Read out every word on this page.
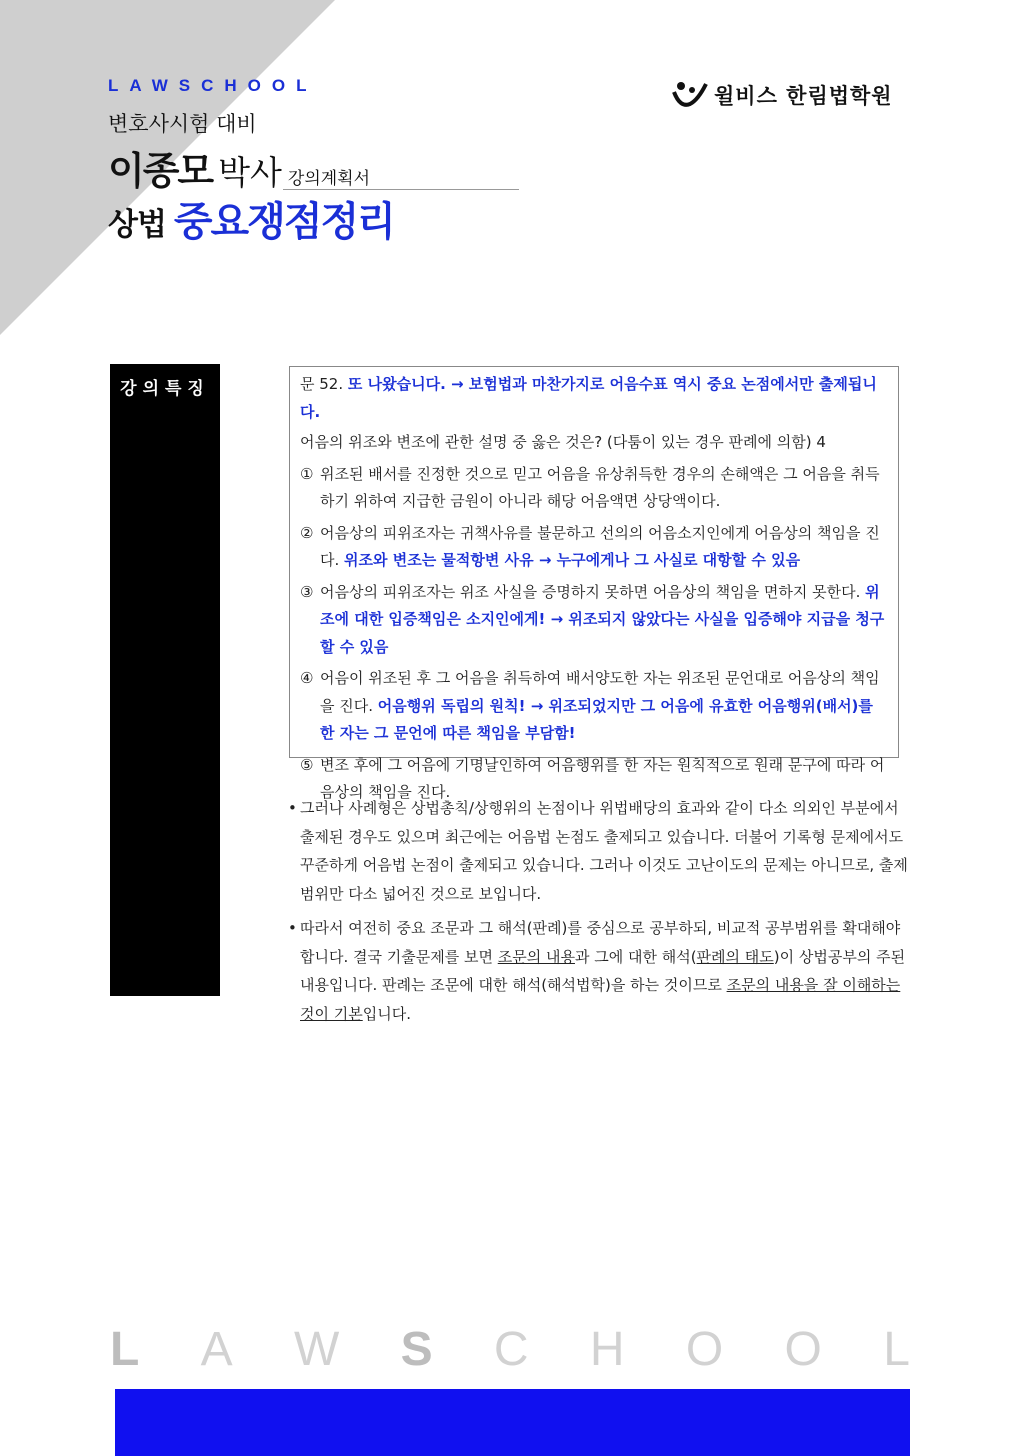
LAWSCHOOL
변호사시험 대비
이종모 박사 강의계획서
상법 중요쟁점정리
윌비스 한림법학원
강의특징	문 52. 또 나왔습니다. → 보험법과 마찬가지로 어음수표 역시 중요 논점에서만 출제됩니다.

어음의 위조와 변조에 관한 설명 중 옳은 것은? (다툼이 있는 경우 판례에 의함) 4

① 위조된 배서를 진정한 것으로 믿고 어음을 유상취득한 경우의 손해액은 그 어음을 취득하기 위하여 지급한 금원이 아니라 해당 어음액면 상당액이다.
② 어음상의 피위조자는 귀책사유를 불문하고 선의의 어음소지인에게 어음상의 책임을 진다. 위조와 변조는 물적항변 사유 → 누구에게나 그 사실로 대항할 수 있음
③ 어음상의 피위조자는 위조 사실을 증명하지 못하면 어음상의 책임을 면하지 못한다. 위조에 대한 입증책임은 소지인에게! → 위조되지 않았다는 사실을 입증해야 지급을 청구할 수 있음
④ 어음이 위조된 후 그 어음을 취득하여 배서양도한 자는 위조된 문언대로 어음상의 책임을 진다. 어음행위 독립의 원칙! → 위조되었지만 그 어음에 유효한 어음행위(배서)를 한 자는 그 문언에 따른 책임을 부담함!
⑤ 변조 후에 그 어음에 기명날인하여 어음행위를 한 자는 원칙적으로 원래 문구에 따라 어음상의 책임을 진다.
• 그러나 사례형은 상법총칙/상행위의 논점이나 위법배당의 효과와 같이 다소 의외인 부분에서 출제된 경우도 있으며 최근에는 어음법 논점도 출제되고 있습니다. 더불어 기록형 문제에서도 꾸준하게 어음법 논점이 출제되고 있습니다. 그러나 이것도 고난이도의 문제는 아니므로, 출제범위만 다소 넓어진 것으로 보입니다.
• 따라서 여전히 중요 조문과 그 해석(판례)를 중심으로 공부하되, 비교적 공부범위를 확대해야 합니다. 결국 기출문제를 보면 조문의 내용과 그에 대한 해석(판례의 태도)이 상법공부의 주된 내용입니다. 판례는 조문에 대한 해석(해석법학)을 하는 것이므로 조문의 내용을 잘 이해하는 것이 기본입니다.
L A W S C H O O L
